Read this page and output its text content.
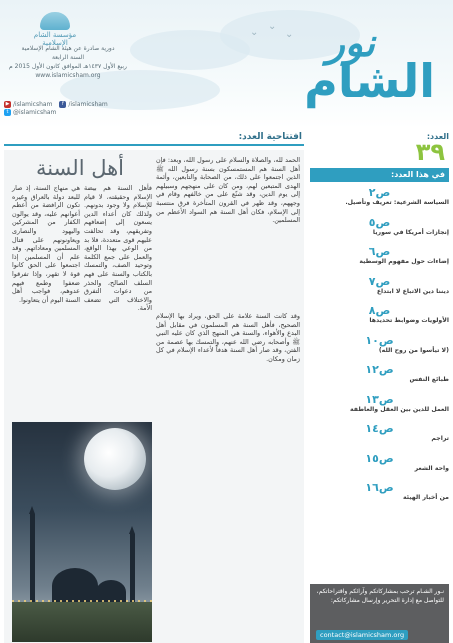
⌄
⌄
⌄
مؤسسة الشام الإسلامية
دورية صادرة عن هيئة الشام الإسلامية
السنة الرابعة
ربيع الأول ١٤٣٧هـ الموافق كانون الأول 2015 م
www.islamicsham.org
نور
الشام
▶ /islamicsham
	f /islamicsham

t @islamicsham
افتتاحية العدد:
الحمد لله، والصلاة والسلام على رسول الله، وبعد: فإن أهل السنة هم المستمسكون بسنة رسول الله ﷺ الذين اجتمعوا على ذلك، من الصحابة والتابعين، وأئمة الهدى المتبعين لهم، ومن كان على منهجهم وسبيلهم إلى يوم الدين، وقد شنّع على من خالفهم وقام في وجههم، وقد ظهر في القرون المتأخرة فرق منتسبة إلى الإسلام، فكان أهل السنة هم السواد الأعظم من المسلمين.
أهل السنة
وقد كانت السنة علامة على الحق، ويراد بها الإسلام الصحيح، فأهل السنة هم المسلمون في مقابل أهل البدع والأهواء، والسنة هي المنهج الذي كان عليه النبي ﷺ وأصحابه رضي الله عنهم، والتمسك بها عصمة من الفتن، وقد صار أهل السنة هدفاً لأعداء الإسلام في كل زمان ومكان.
فأهل السنة هم بيضة الإسلام وحقيقته، لا قيام للإسلام ولا وجود بدونهم. ولذلك كان أعداء الدين يسعون إلى إضعافهم وتفريقهم، وقد تحالفت عليهم قوى متعددة، فلا بد من الوعي بهذا الواقع، والعمل على جمع الكلمة وتوحيد الصف، والتمسك بالكتاب والسنة على فهم السلف الصالح، والحذر من دعوات التفرق والاختلاف التي تضعف الأمة.
هي منهاج السنة، إذ صار للبعد دولة بالعراق وغيره تكون الرافضة من أعظم أعوانهم عليه، وقد يوالون الكفار من المشركين واليهود والنصارى ويعاونونهم على قتال المسلمين ومعاداتهم. وقد علم أن المسلمين إذا اجتمعوا على الحق كانوا قوة لا تقهر، وإذا تفرقوا ضعفوا وطمع فيهم عدوهم، فواجب أهل السنة اليوم أن يتعاونوا.
العدد:
٣٩
في هذا العدد:
ص٢
السياسة الشرعية: تعريف وتأصيل.
ص٥
إنجازات أمريكا في سوريا
ص٦
إضاءات حول مفهوم الوسطية
ص٧
ديننا دين الاتباع لا ابتداع
ص٨
الأولويات وضوابط تحديدها
ص١٠
(لا تيأسوا من روح الله)
ص١٢
طبائع النفس
ص١٣
العمل للدين بين العقل والعاطفة
ص١٤
تراجم
ص١٥
واحة الشعر
ص١٦
من أخبار الهيئة
نـور الشـام ترحب بمشاركاتكم وآرائكم واقتراحاتكم، للتواصل مع إدارة التحرير وإرسال مشاركاتكم:
contact@islamicsham.org
